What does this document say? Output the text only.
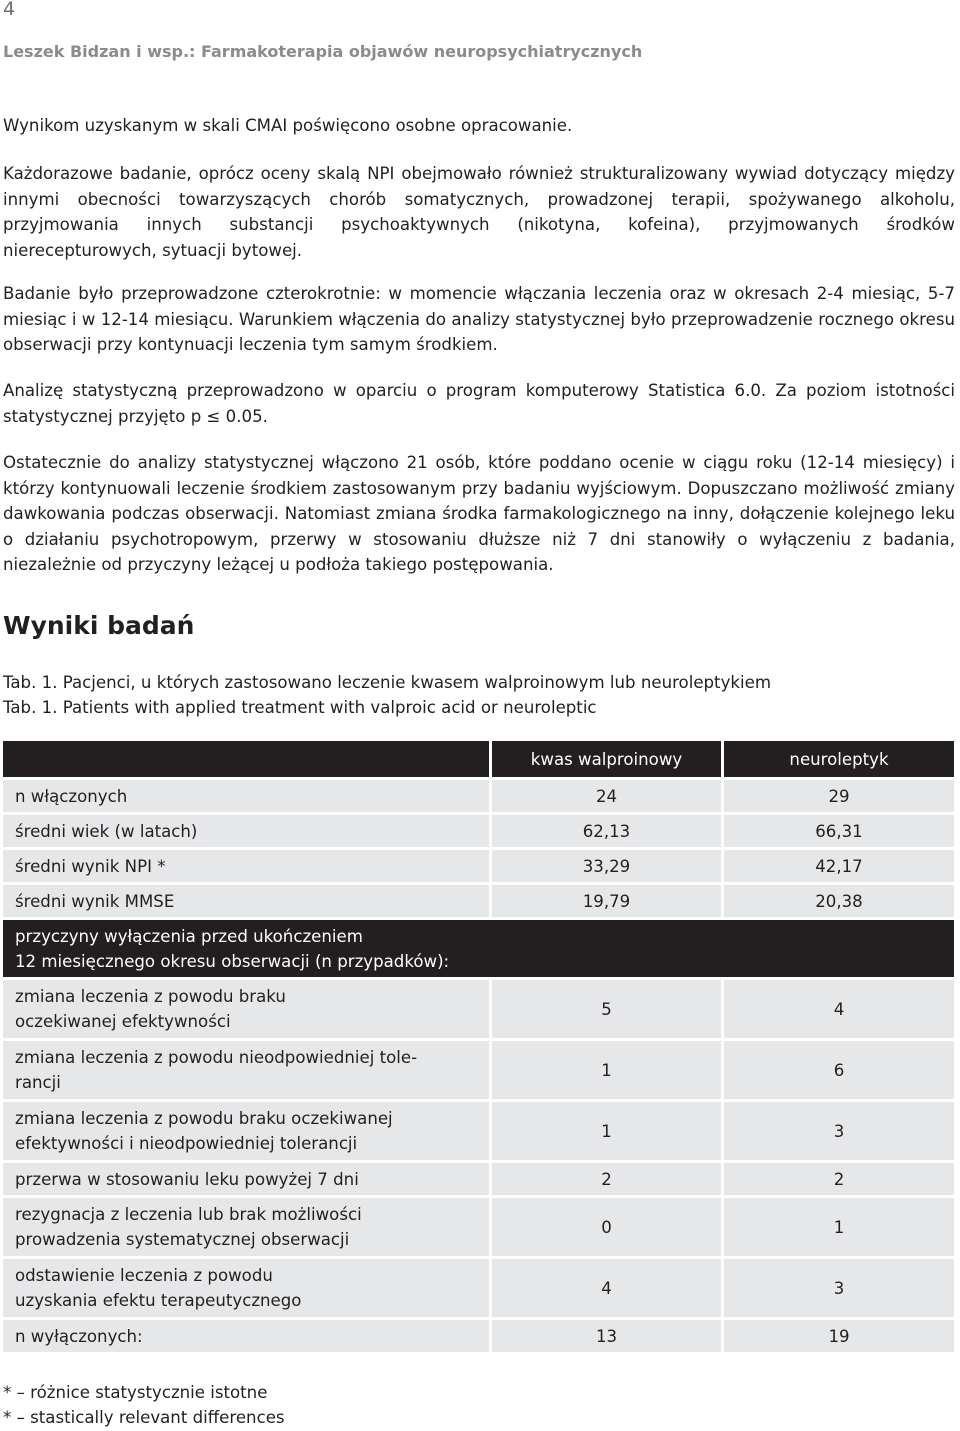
4
Leszek Bidzan i wsp.: Farmakoterapia objawów neuropsychiatrycznych

Wynikom uzyskanym w skali CMAI poświęcono osobne opracowanie.

Każdorazowe badanie, oprócz oceny skalą NPI obejmowało również strukturalizowany wywiad dotyczący między innymi obecności towarzyszących chorób somatycznych, prowadzonej terapii, spożywanego alkoholu, przyjmowania innych substancji psychoaktywnych (nikotyna, kofeina), przyjmowanych środków nierecepturowych, sytuacji bytowej.

Badanie było przeprowadzone czterokrotnie: w momencie włączania leczenia oraz w okresach 2-4 miesiąc, 5-7 miesiąc i w 12-14 miesiącu. Warunkiem włączenia do analizy statystycznej było przeprowadzenie rocznego okresu obserwacji przy kontynuacji leczenia tym samym środkiem.

Analizę statystyczną przeprowadzono w oparciu o program komputerowy Statistica 6.0. Za poziom istotności statystycznej przyjęto p ≤ 0.05.

Ostatecznie do analizy statystycznej włączono 21 osób, które poddano ocenie w ciągu roku (12-14 miesięcy) i którzy kontynuowali leczenie środkiem zastosowanym przy badaniu wyjściowym. Dopuszczano możliwość zmiany dawkowania podczas obserwacji. Natomiast zmiana środka farmakologicznego na inny, dołączenie kolejnego leku o działaniu psychotropowym, przerwy w stosowaniu dłuższe niż 7 dni stanowiły o wyłączeniu z badania, niezależnie od przyczyny leżącej u podłoża takiego postępowania.

Wyniki badań
Tab. 1. Pacjenci, u których zastosowano leczenie kwasem walproinowym lub neuroleptykiem
Tab. 1. Patients with applied treatment with valproic acid or neuroleptic
	kwas walproinowy	neuroleptyk
n włączonych	24	29
średni wiek (w latach)	62,13	66,31
średni wynik NPI *	33,29	42,17
średni wynik MMSE	19,79	20,38

przyczyny wyłączenia przed ukończeniem
12 miesięcznego okresu obserwacji (n przypadków):		

zmiana leczenia z powodu braku
oczekiwanej efektywności	5	4

zmiana leczenia z powodu nieodpowiedniej tole-
rancji	1	6

zmiana leczenia z powodu braku oczekiwanej
efektywności i nieodpowiedniej tolerancji	1	3
przerwa w stosowaniu leku powyżej 7 dni	2	2

rezygnacja z leczenia lub brak możliwości
prowadzenia systematycznej obserwacji	0	1

odstawienie leczenia z powodu
uzyskania efektu terapeutycznego	4	3
n wyłączonych:	13	19
* – różnice statystycznie istotne
* – stastically relevant differences
